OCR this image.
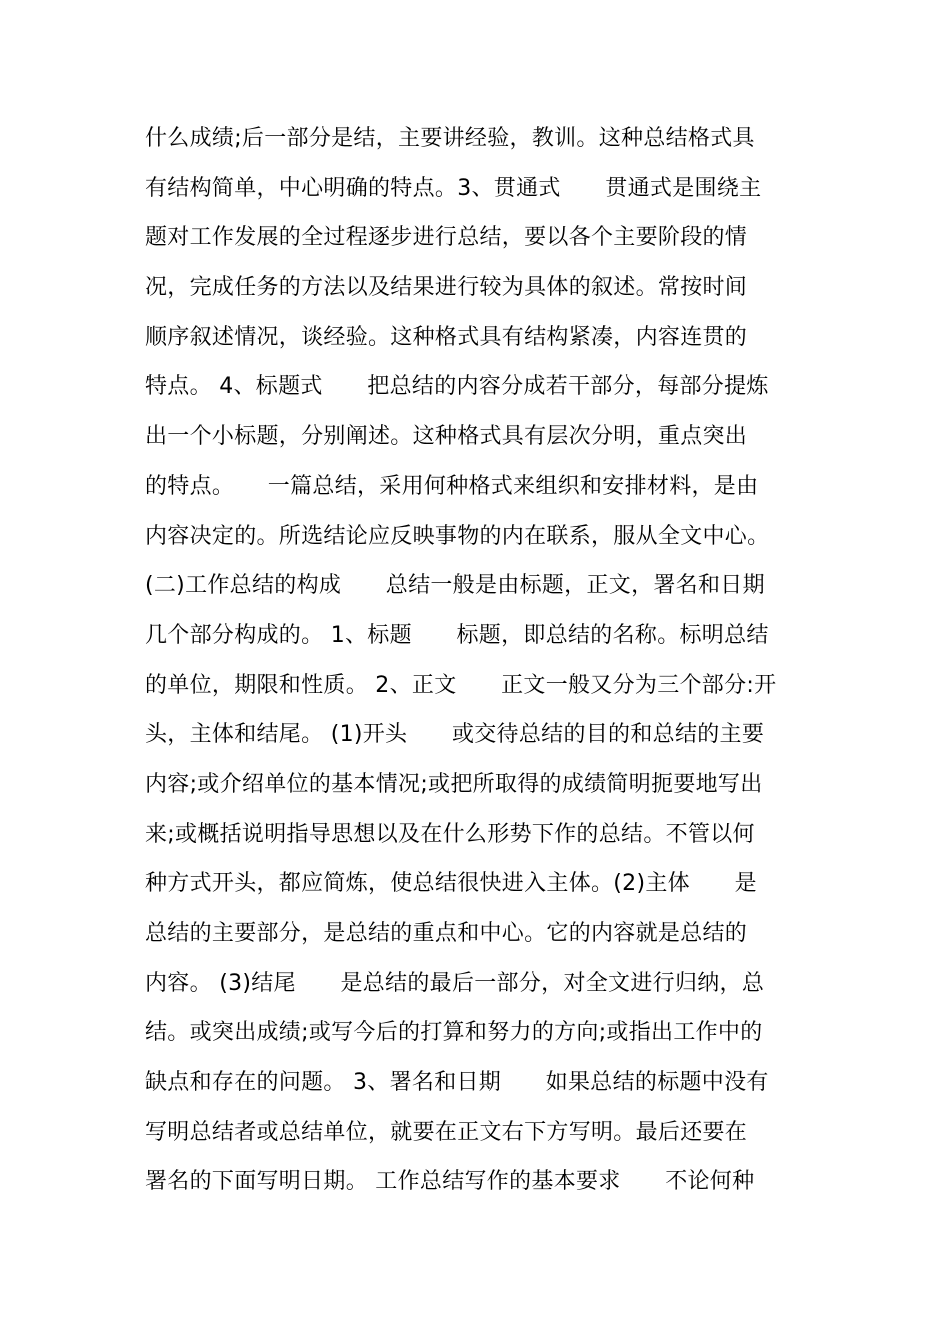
什么成绩;后一部分是结，主要讲经验，教训。这种总结格式具
有结构简单，中心明确的特点。3、贯通式　　贯通式是围绕主
题对工作发展的全过程逐步进行总结，要以各个主要阶段的情
况，完成任务的方法以及结果进行较为具体的叙述。常按时间
顺序叙述情况，谈经验。这种格式具有结构紧凑，内容连贯的
特点。 4、标题式　　把总结的内容分成若干部分，每部分提炼
出一个小标题，分别阐述。这种格式具有层次分明，重点突出
的特点。　　一篇总结，采用何种格式来组织和安排材料，是由
内容决定的。所选结论应反映事物的内在联系，服从全文中心。
(二)工作总结的构成　　总结一般是由标题，正文，署名和日期
几个部分构成的。 1、标题　　标题，即总结的名称。标明总结
的单位，期限和性质。 2、正文　　正文一般又分为三个部分:开
头，主体和结尾。 (1)开头　　或交待总结的目的和总结的主要
内容;或介绍单位的基本情况;或把所取得的成绩简明扼要地写出
来;或概括说明指导思想以及在什么形势下作的总结。不管以何
种方式开头，都应简炼，使总结很快进入主体。(2)主体　　是
总结的主要部分，是总结的重点和中心。它的内容就是总结的
内容。 (3)结尾　　是总结的最后一部分，对全文进行归纳，总
结。或突出成绩;或写今后的打算和努力的方向;或指出工作中的
缺点和存在的问题。 3、署名和日期　　如果总结的标题中没有
写明总结者或总结单位，就要在正文右下方写明。最后还要在
署名的下面写明日期。 工作总结写作的基本要求　　不论何种
